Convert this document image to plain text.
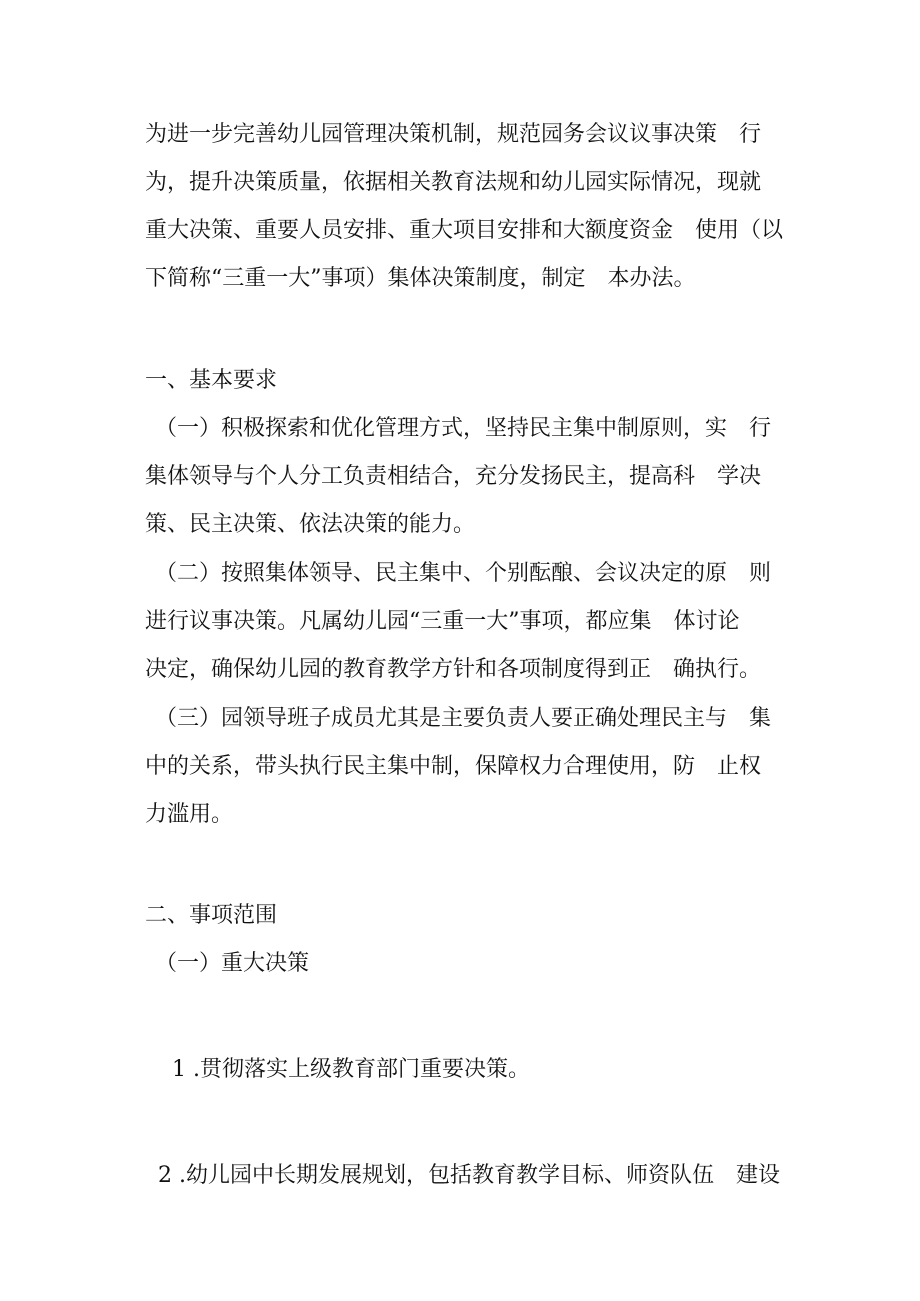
为进一步完善幼儿园管理决策机制，规范园务会议议事决策　行

为，提升决策质量，依据相关教育法规和幼儿园实际情况，现就

重大决策、重要人员安排、重大项目安排和大额度资金　使用（以

下简称“三重一大”事项）集体决策制度，制定　本办法。

一、基本要求

（一）积极探索和优化管理方式，坚持民主集中制原则，实　行

集体领导与个人分工负责相结合，充分发扬民主，提高科　学决

策、民主决策、依法决策的能力。

（二）按照集体领导、民主集中、个别酝酿、会议决定的原　则

进行议事决策。凡属幼儿园“三重一大”事项，都应集　体讨论

决定，确保幼儿园的教育教学方针和各项制度得到正　确执行。

（三）园领导班子成员尤其是主要负责人要正确处理民主与　集

中的关系，带头执行民主集中制，保障权力合理使用，防　止权

力滥用。

二、事项范围

（一）重大决策

1 .贯彻落实上级教育部门重要决策。

2 .幼儿园中长期发展规划，包括教育教学目标、师资队伍　建设
